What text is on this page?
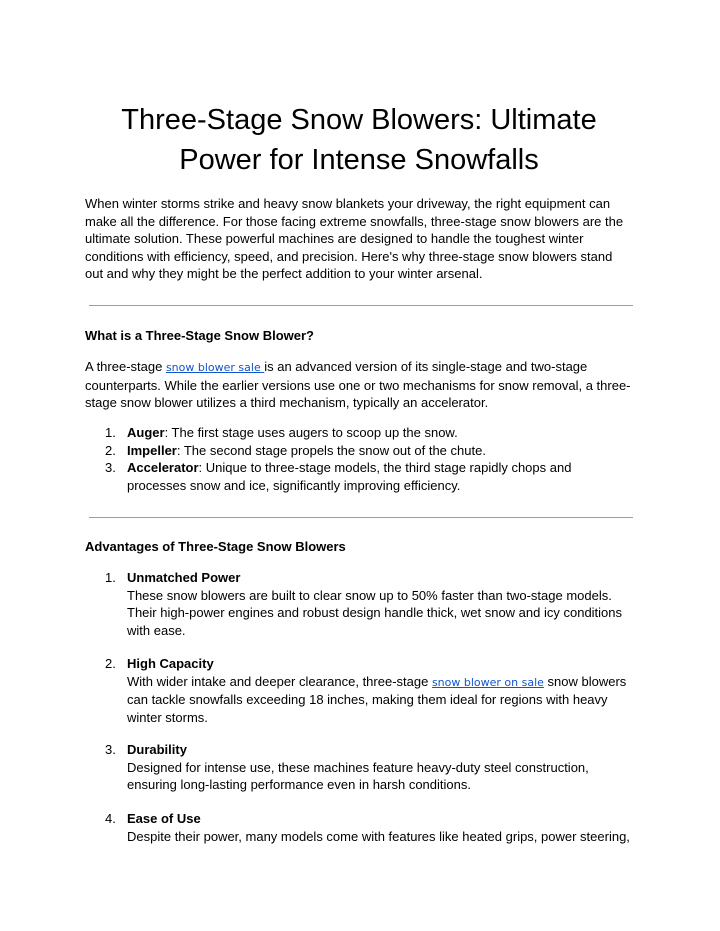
Three-Stage Snow Blowers: Ultimate Power for Intense Snowfalls

When winter storms strike and heavy snow blankets your driveway, the right equipment can make all the difference. For those facing extreme snowfalls, three-stage snow blowers are the ultimate solution. These powerful machines are designed to handle the toughest winter conditions with efficiency, speed, and precision. Here's why three-stage snow blowers stand out and why they might be the perfect addition to your winter arsenal.

What is a Three-Stage Snow Blower?

A three-stage snow blower sale is an advanced version of its single-stage and two-stage counterparts. While the earlier versions use one or two mechanisms for snow removal, a three-stage snow blower utilizes a third mechanism, typically an accelerator.

1. Auger: The first stage uses augers to scoop up the snow.
2. Impeller: The second stage propels the snow out of the chute.
3. Accelerator: Unique to three-stage models, the third stage rapidly chops and processes snow and ice, significantly improving efficiency.
Advantages of Three-Stage Snow Blowers
1. Unmatched Power

These snow blowers are built to clear snow up to 50% faster than two-stage models. Their high-power engines and robust design handle thick, wet snow and icy conditions with ease.

2. High Capacity

With wider intake and deeper clearance, three-stage snow blower on sale snow blowers can tackle snowfalls exceeding 18 inches, making them ideal for regions with heavy winter storms.

3. Durability

Designed for intense use, these machines feature heavy-duty steel construction, ensuring long-lasting performance even in harsh conditions.

4. Ease of Use

Despite their power, many models come with features like heated grips, power steering,
